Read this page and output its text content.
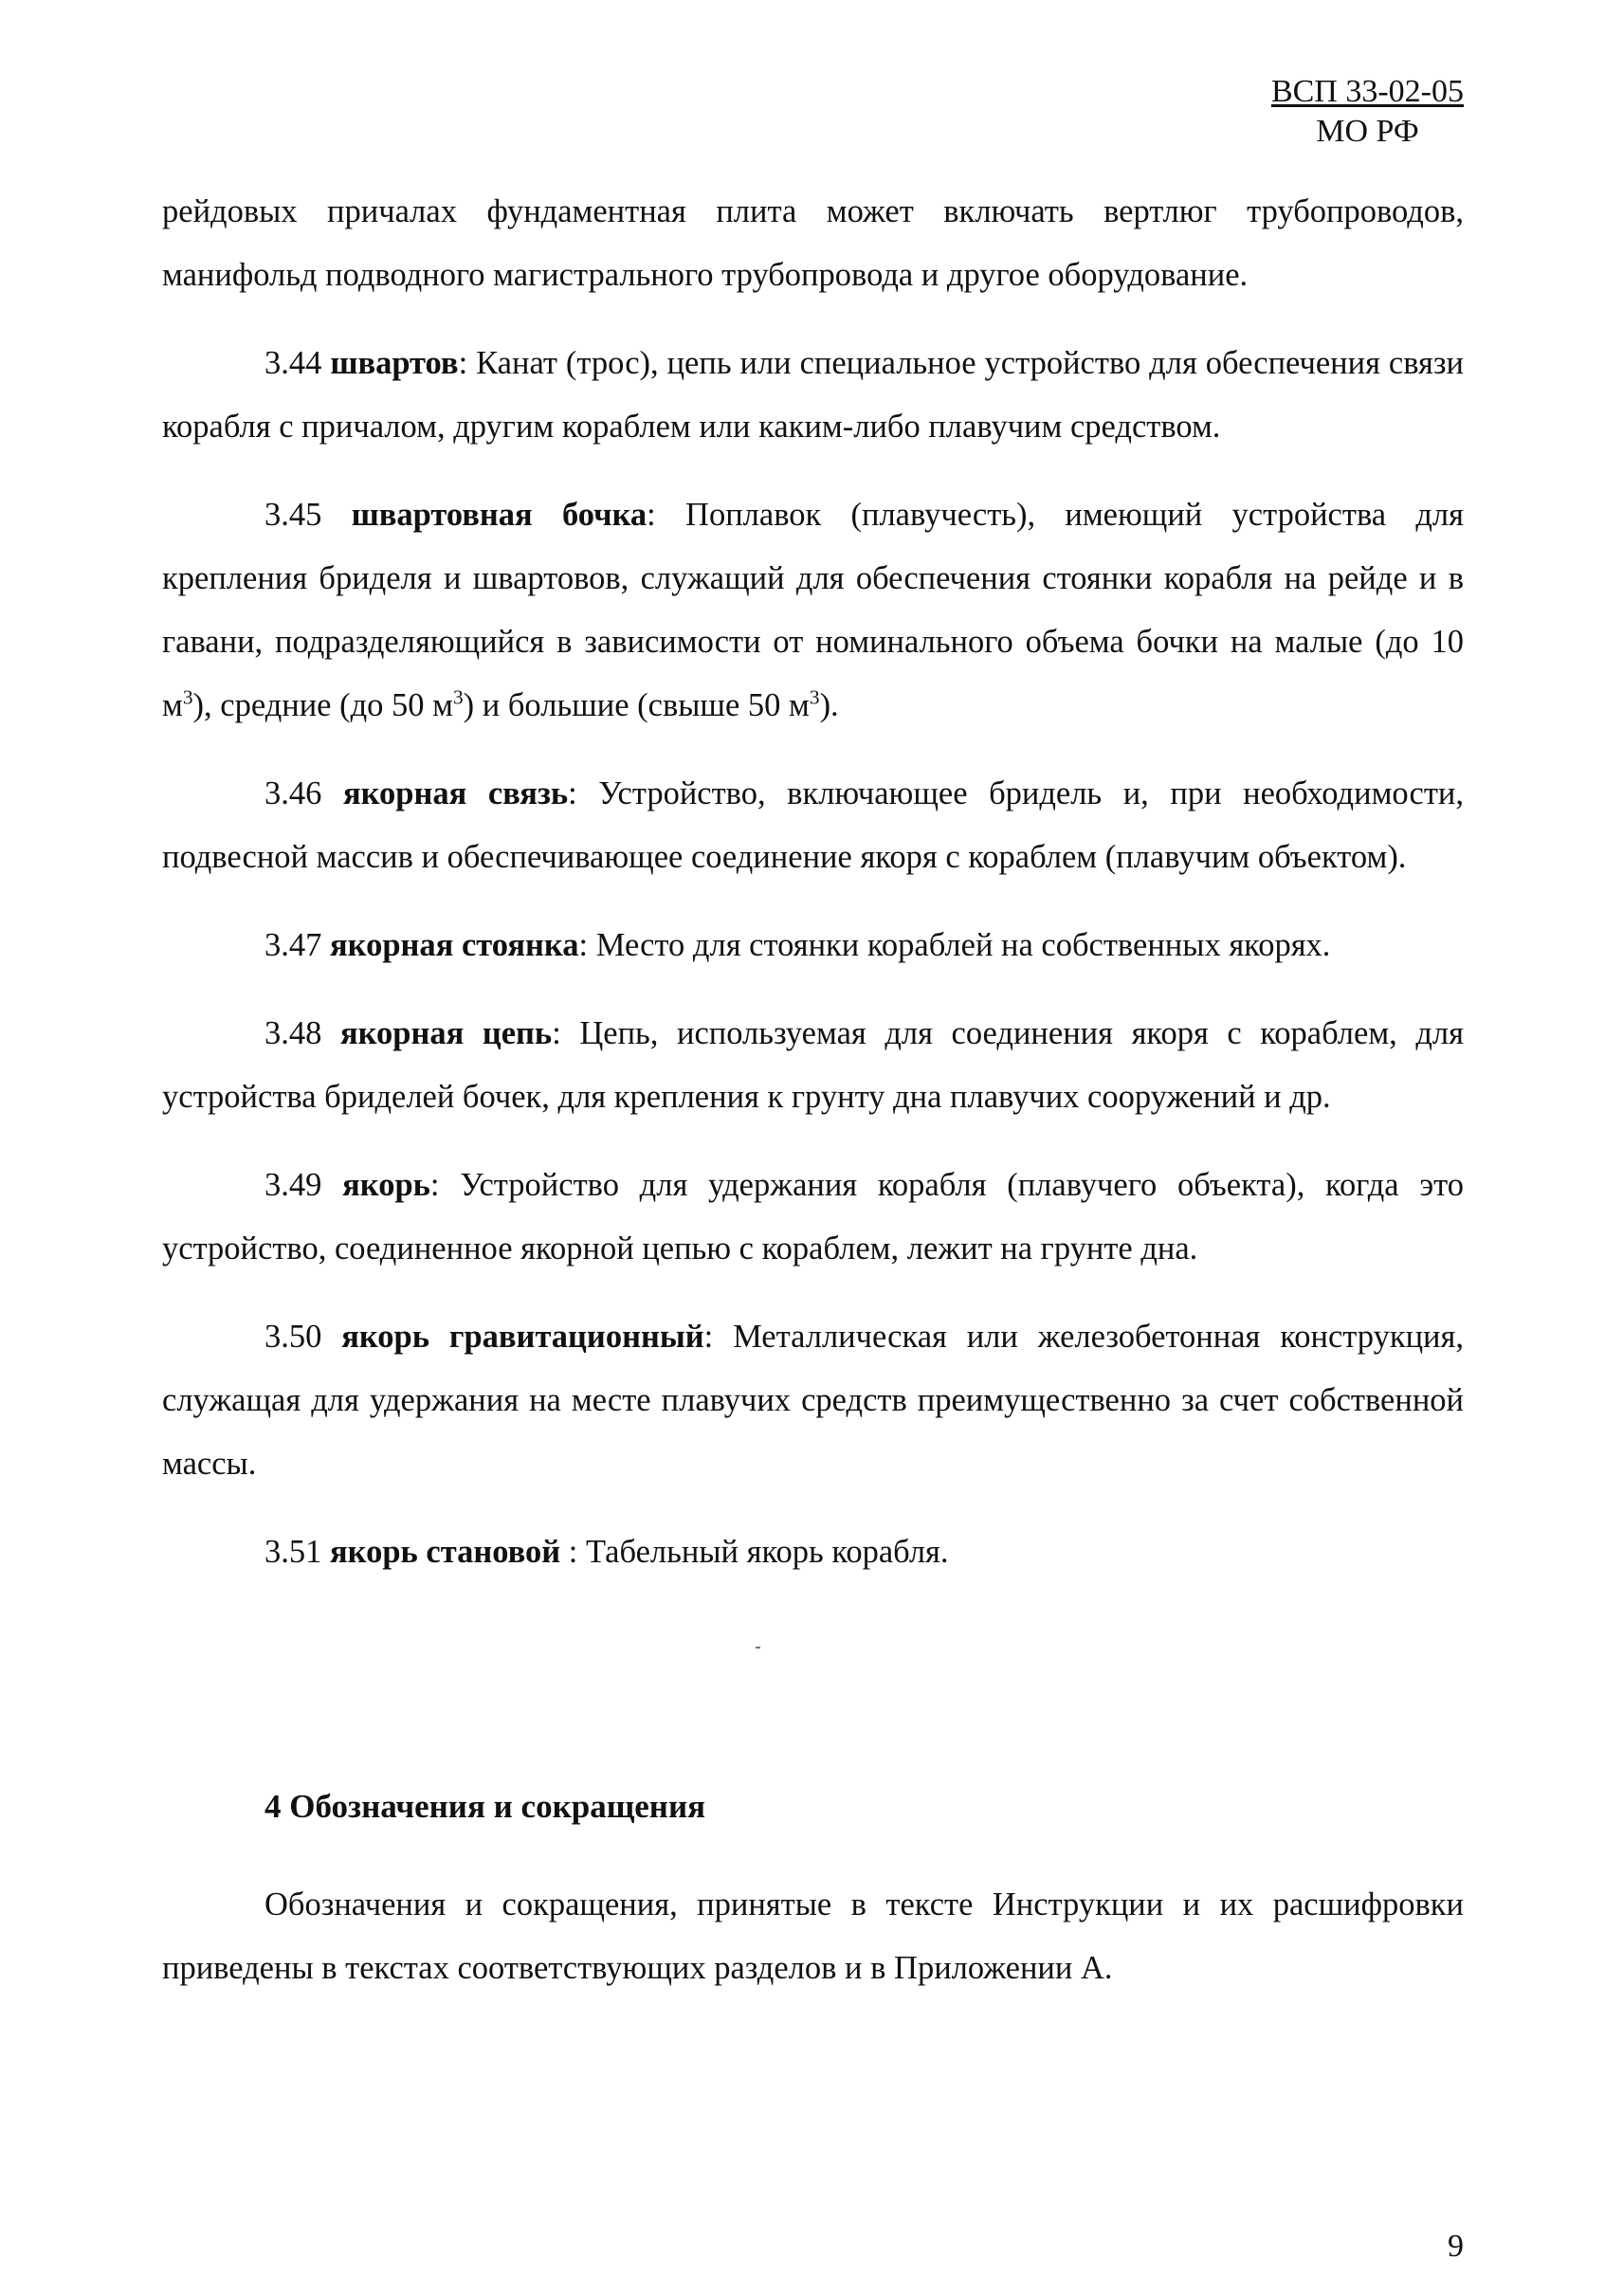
ВСП 33-02-05
МО РФ

рейдовых причалах фундаментная плита может включать вертлюг трубопроводов, манифольд подводного магистрального трубопровода и другое оборудование.

3.44 швартов: Канат (трос), цепь или специальное устройство для обеспечения связи корабля с причалом, другим кораблем или каким-либо плавучим средством.

3.45 швартовная бочка: Поплавок (плавучесть), имеющий устройства для крепления бриделя и швартовов, служащий для обеспечения стоянки корабля на рейде и в гавани, подразделяющийся в зависимости от номинального объема бочки на малые (до 10 $м^3$), средние (до 50 $м^3$) и большие (свыше 50 $м^3$).

3.46 якорная связь: Устройство, включающее бридель и, при необходимости, подвесной массив и обеспечивающее соединение якоря с кораблем (плавучим объектом).

3.47 якорная стоянка: Место для стоянки кораблей на собственных якорях.

3.48 якорная цепь: Цепь, используемая для соединения якоря с кораблем, для устройства бриделей бочек, для крепления к грунту дна плавучих сооружений и др.

3.49 якорь: Устройство для удержания корабля (плавучего объекта), когда это устройство, соединенное якорной цепью с кораблем, лежит на грунте дна.

3.50 якорь гравитационный: Металлическая или железобетонная конструкция, служащая для удержания на месте плавучих средств преимущественно за счет собственной массы.

3.51 якорь становой : Табельный якорь корабля.

4 Обозначения и сокращения

Обозначения и сокращения, принятые в тексте Инструкции и их расшифровки приведены в текстах соответствующих разделов и в Приложении А.

9
